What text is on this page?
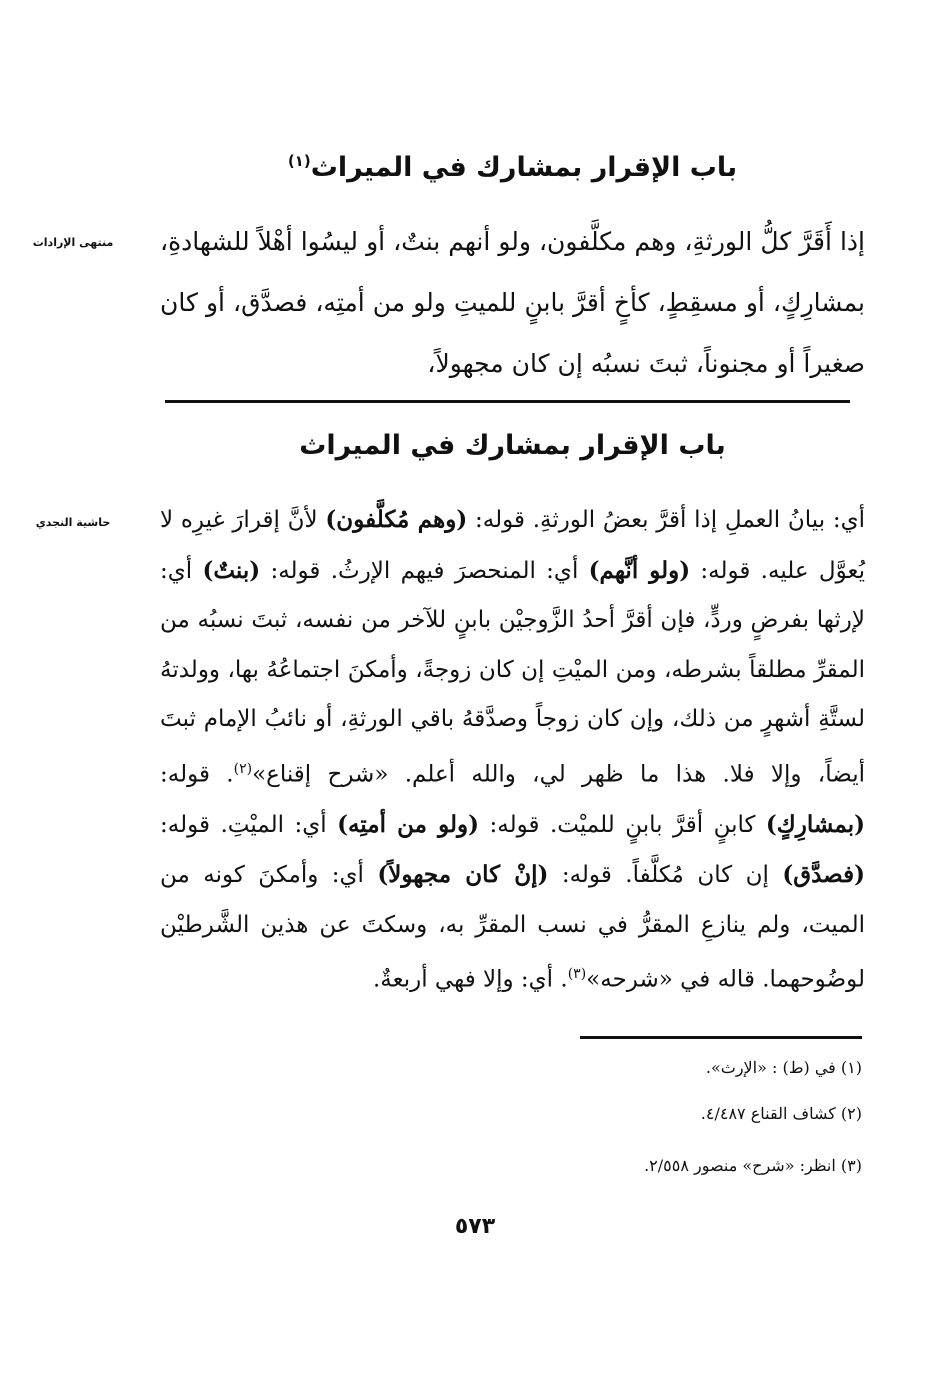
باب الإقرار بمشارك في الميراث$^{(١)}$
منتهى الإرادات	إذا أَقَرَّ كلُّ الورثةِ، وهم مكلَّفون، ولو أنهم بنتٌ، أو ليسُوا أهْلاً للشهادةِ، بمشارِكٍ، أو مسقِطٍ، كأخٍ أقرَّ بابنٍ للميتِ ولو من أمتِه، فصدَّق، أو كان صغيراً أو مجنوناً، ثبتَ نسبُه إن كان مجهولاً،
باب الإقرار بمشارك في الميراث
حاشية النجدي	أي: بيانُ العملِ إذا أقرَّ بعضُ الورثةِ. قوله: (وهم مُكلَّفون) لأنَّ إقرارَ غيرِه لا يُعوَّل عليه. قوله: (ولو أنَّهم) أي: المنحصرَ فيهم الإرثُ. قوله: (بنتٌ) أي: لإرثها بفرضٍ وردٍّ، فإن أقرَّ أحدُ الزَّوجيْن بابنٍ للآخر من نفسه، ثبتَ نسبُه من المقرِّ مطلقاً بشرطه، ومن الميْتِ إن كان زوجةً، وأمكنَ اجتماعُهُ بها، وولدتهُ لستَّةِ أشهرٍ من ذلك، وإن كان زوجاً وصدَّقهُ باقي الورثةِ، أو نائبُ الإمام ثبتَ أيضاً، وإلا فلا. هذا ما ظهر لي، والله أعلم. «شرح إقناع»$^{(٢)}$. قوله: (بمشارِكٍ) كابنٍ أقرَّ بابنٍ للميْت. قوله: (ولو من أمتِه) أي: الميْتِ. قوله: (فصدَّق) إن كان مُكلَّفاً. قوله: (إنْ كان مجهولاً) أي: وأمكنَ كونه من الميت، ولم ينازعِ المقرُّ في نسب المقرِّ به، وسكتَ عن هذين الشَّرطيْن لوضُوحهما. قاله في «شرحه»$^{(٣)}$. أي: وإلا فهي أربعةٌ.
(١) في (ط) : «الإرث».
(٢) كشاف القناع ٤/٤٨٧.
(٣) انظر: «شرح» منصور ٢/٥٥٨.
٥٧٣
